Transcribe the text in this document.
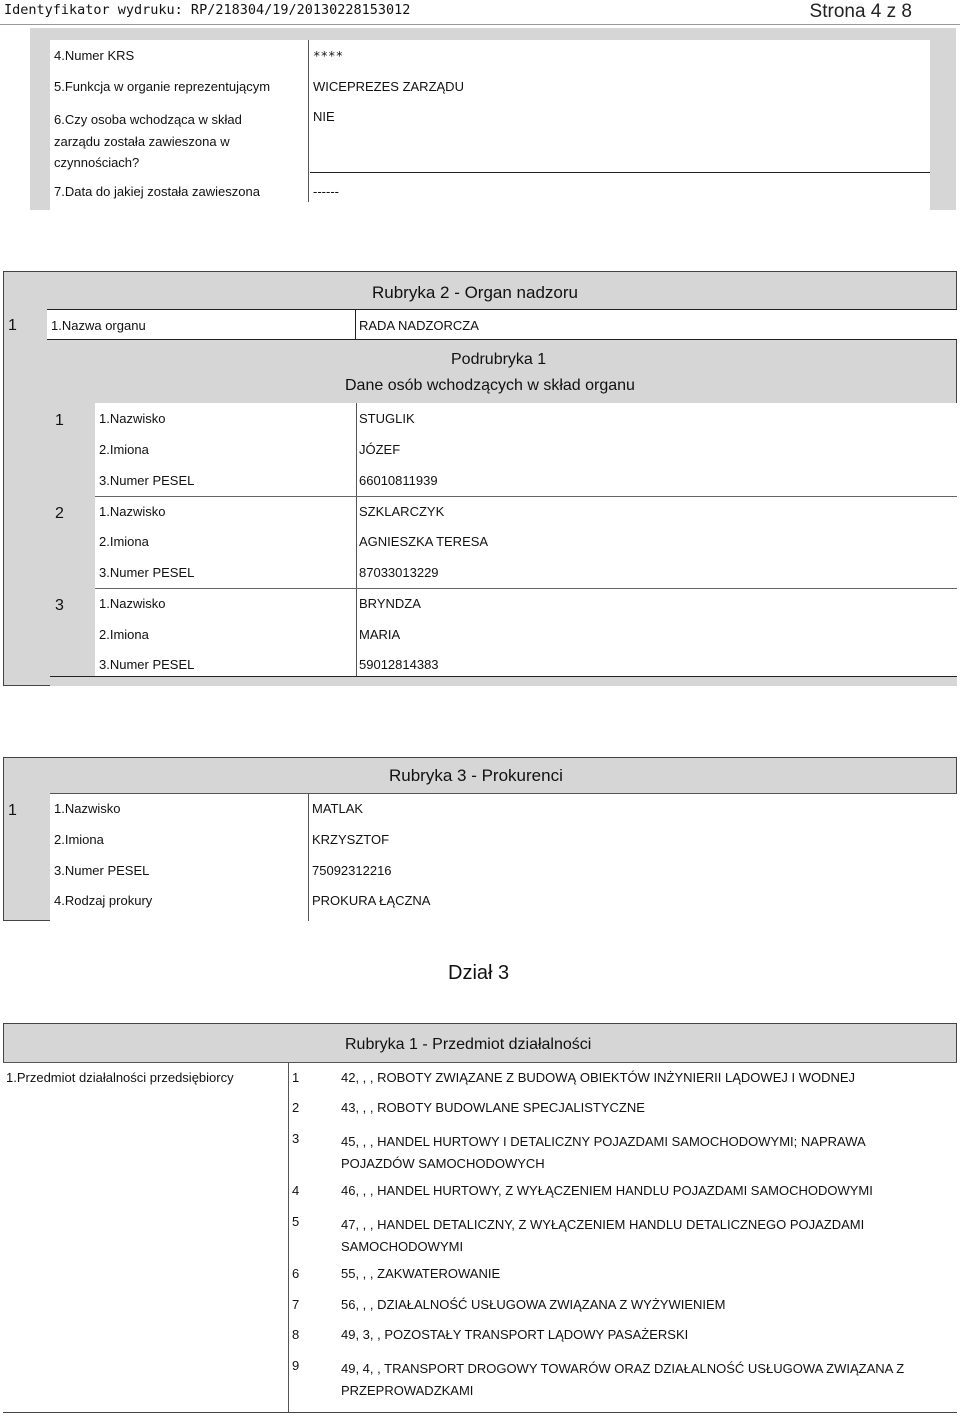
Identyfikator wydruku: RP/218304/19/20130228153012	Strona 4 z 8
4.Numer KRS	****
5.Funkcja w organie reprezentującym	WICEPREZES ZARZĄDU
6.Czy osoba wchodząca w skład zarządu została zawieszona w czynnościach?
NIE
7.Data do jakiej została zawieszona	------
Rubryka 2 - Organ nadzoru
1	1.Nazwa organu	RADA NADZORCZA
Podrubryka 1
Dane osób wchodzących w skład organu
1	1.Nazwisko	STUGLIK
2.Imiona	JÓZEF
3.Numer PESEL	66010811939
2	1.Nazwisko	SZKLARCZYK
2.Imiona	AGNIESZKA TERESA
3.Numer PESEL	87033013229
3	1.Nazwisko	BRYNDZA
2.Imiona	MARIA
3.Numer PESEL	59012814383
Rubryka 3 - Prokurenci
1	1.Nazwisko	MATLAK
2.Imiona	KRZYSZTOF
3.Numer PESEL	75092312216
4.Rodzaj prokury	PROKURA ŁĄCZNA
Dział 3
Rubryka 1 - Przedmiot działalności
1.Przedmiot działalności przedsiębiorcy	1	42, , , ROBOTY ZWIĄZANE Z BUDOWĄ OBIEKTÓW INŻYNIERII LĄDOWEJ I WODNEJ
2	43, , , ROBOTY BUDOWLANE SPECJALISTYCZNE
3	45, , , HANDEL HURTOWY I DETALICZNY POJAZDAMI SAMOCHODOWYMI; NAPRAWA POJAZDÓW SAMOCHODOWYCH
4	46, , , HANDEL HURTOWY, Z WYŁĄCZENIEM HANDLU POJAZDAMI SAMOCHODOWYMI
5	47, , , HANDEL DETALICZNY, Z WYŁĄCZENIEM HANDLU DETALICZNEGO POJAZDAMI SAMOCHODOWYMI
6	55, , , ZAKWATEROWANIE
7	56, , , DZIAŁALNOŚĆ USŁUGOWA ZWIĄZANA Z WYŻYWIENIEM
8	49, 3, , POZOSTAŁY TRANSPORT LĄDOWY PASAŻERSKI
9	49, 4, , TRANSPORT DROGOWY TOWARÓW ORAZ DZIAŁALNOŚĆ USŁUGOWA ZWIĄZANA Z PRZEPROWADZKAMI
